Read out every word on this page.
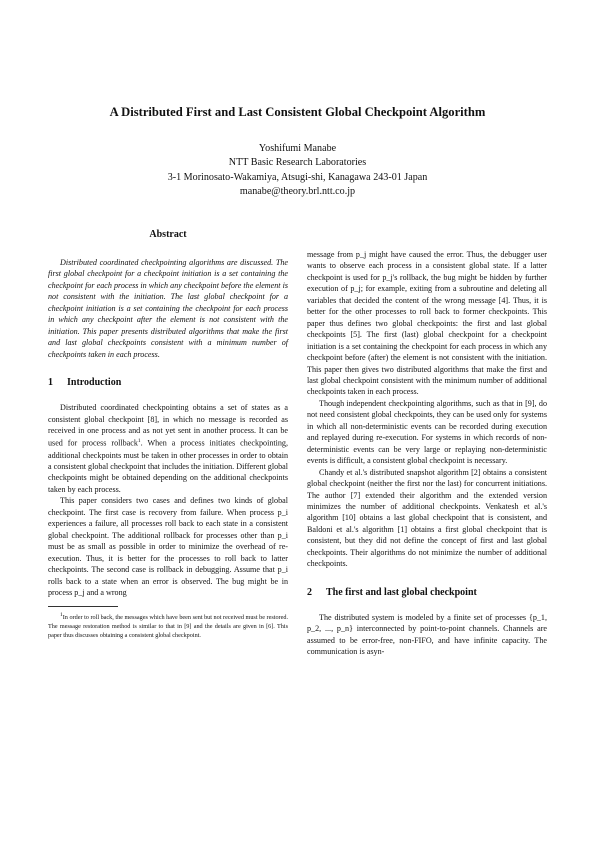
A Distributed First and Last Consistent Global Checkpoint Algorithm
Yoshifumi Manabe
NTT Basic Research Laboratories
3-1 Morinosato-Wakamiya, Atsugi-shi, Kanagawa 243-01 Japan
manabe@theory.brl.ntt.co.jp
Abstract

Distributed coordinated checkpointing algorithms are discussed. The first global checkpoint for a checkpoint initiation is a set containing the checkpoint for each process in which any checkpoint before the element is not consistent with the initiation. The last global checkpoint for a checkpoint initiation is a set containing the checkpoint for each process in which any checkpoint after the element is not consistent with the initiation. This paper presents distributed algorithms that make the first and last global checkpoints consistent with a minimum number of checkpoints taken in each process.

1 Introduction

Distributed coordinated checkpointing obtains a set of states as a consistent global checkpoint [8], in which no message is recorded as received in one process and as not yet sent in another process. It can be used for process rollback$^1$. When a process initiates checkpointing, additional checkpoints must be taken in other processes in order to obtain a consistent global checkpoint that includes the initiation. Different global checkpoints might be obtained depending on the additional checkpoints taken by each process.

This paper considers two cases and defines two kinds of global checkpoint. The first case is recovery from failure. When process p_i experiences a failure, all processes roll back to each state in a consistent global checkpoint. The additional rollback for processes other than p_i must be as small as possible in order to minimize the overhead of re-execution. Thus, it is better for the processes to roll back to latter checkpoints. The second case is rollback in debugging. Assume that p_i rolls back to a state when an error is observed. The bug might be in process p_j and a wrong

1In order to roll back, the messages which have been sent but not received must be restored. The message restoration method is similar to that in [9] and the details are given in [6]. This paper thus discusses obtaining a consistent global checkpoint.

message from p_j might have caused the error. Thus, the debugger user wants to observe each process in a consistent global state. If a latter checkpoint is used for p_j's rollback, the bug might be hidden by further execution of p_j; for example, exiting from a subroutine and deleting all variables that decided the content of the wrong message [4]. Thus, it is better for the other processes to roll back to former checkpoints. This paper thus defines two global checkpoints: the first and last global checkpoints [5]. The first (last) global checkpoint for a checkpoint initiation is a set containing the checkpoint for each process in which any checkpoint before (after) the element is not consistent with the initiation. This paper then gives two distributed algorithms that make the first and last global checkpoint consistent with the minimum number of additional checkpoints taken in each process.

Though independent checkpointing algorithms, such as that in [9], do not need consistent global checkpoints, they can be used only for systems in which all non-deterministic events can be recorded during execution and replayed during re-execution. For systems in which records of non-deterministic events can be very large or replaying non-deterministic events is difficult, a consistent global checkpoint is necessary.

Chandy et al.'s distributed snapshot algorithm [2] obtains a consistent global checkpoint (neither the first nor the last) for concurrent initiations. The author [7] extended their algorithm and the extended version minimizes the number of additional checkpoints. Venkatesh et al.'s algorithm [10] obtains a last global checkpoint that is consistent, and Baldoni et al.'s algorithm [1] obtains a first global checkpoint that is consistent, but they did not define the concept of first and last global checkpoints. Their algorithms do not minimize the number of additional checkpoints.

2 The first and last global checkpoint

The distributed system is modeled by a finite set of processes {p_1, p_2, ..., p_n} interconnected by point-to-point channels. Channels are assumed to be error-free, non-FIFO, and have infinite capacity. The communication is asyn-
